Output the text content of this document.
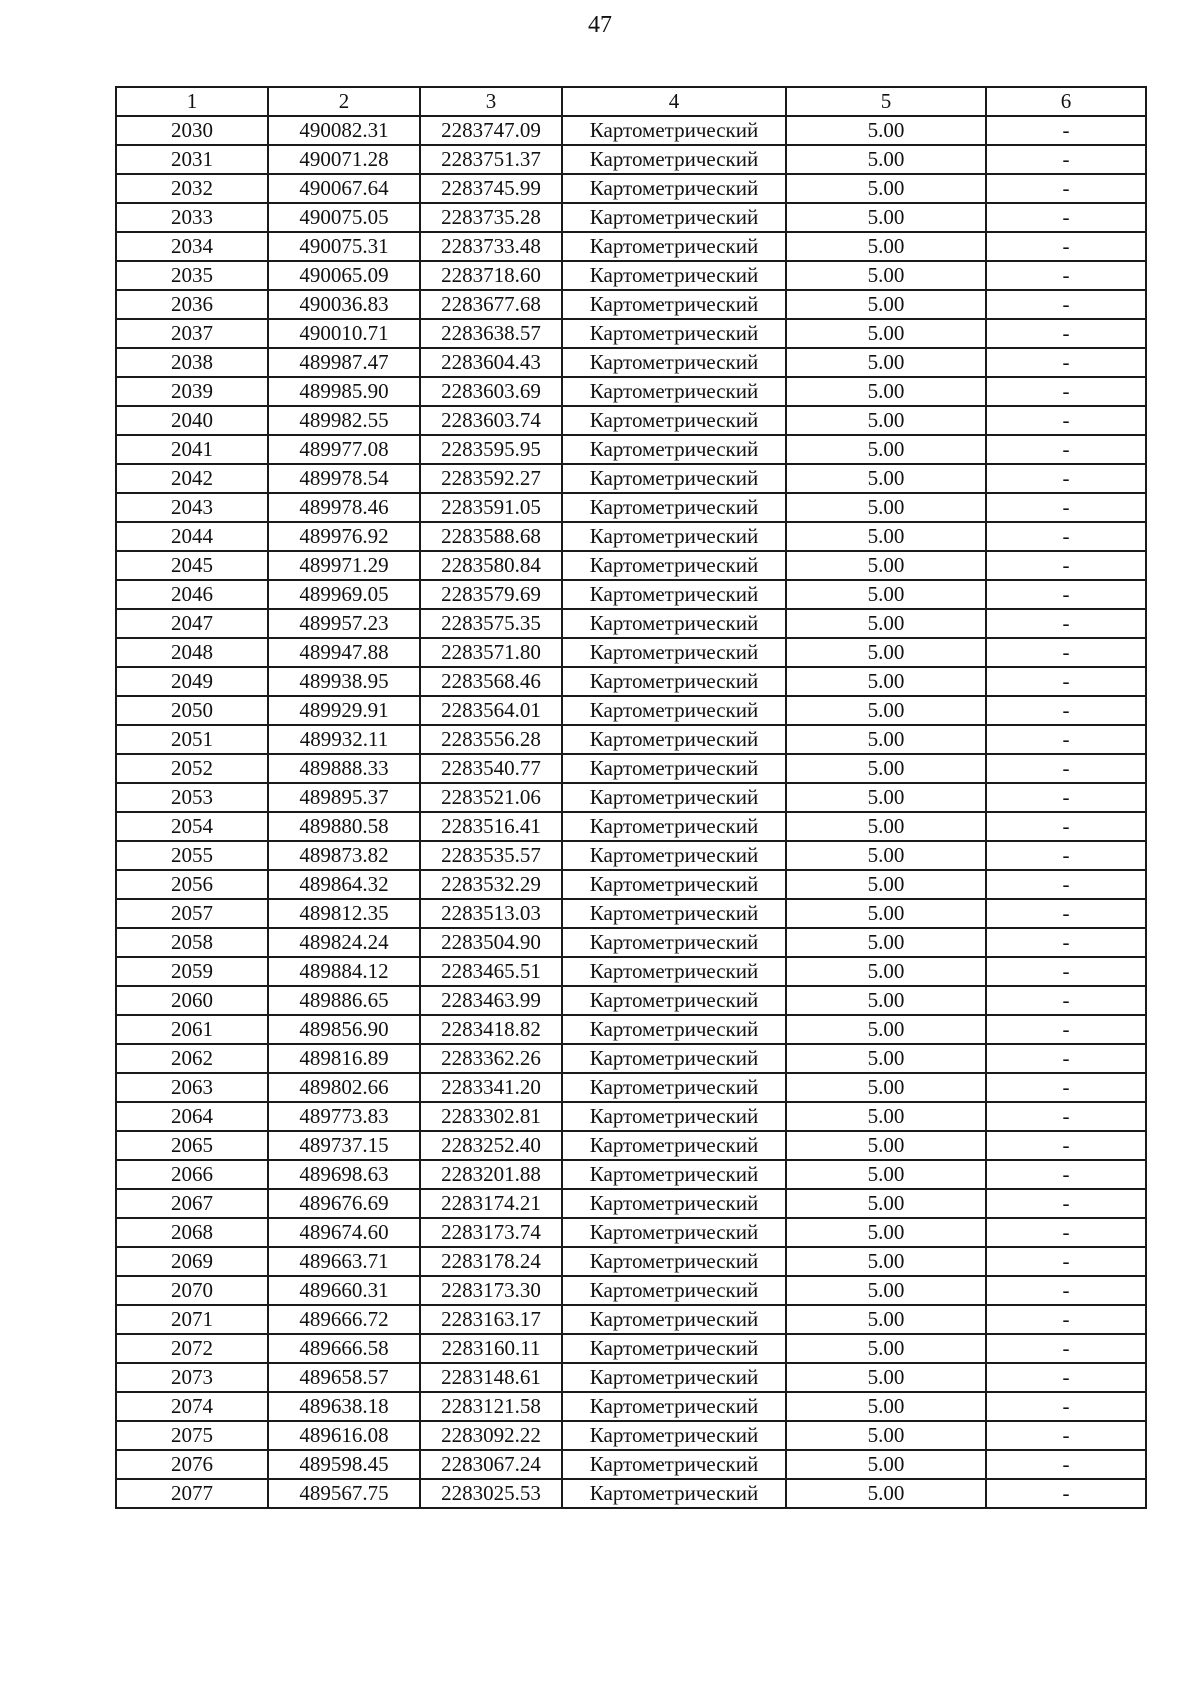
47
1	2	3	4	5	6
2030	490082.31	2283747.09	Картометрический	5.00	-
2031	490071.28	2283751.37	Картометрический	5.00	-
2032	490067.64	2283745.99	Картометрический	5.00	-
2033	490075.05	2283735.28	Картометрический	5.00	-
2034	490075.31	2283733.48	Картометрический	5.00	-
2035	490065.09	2283718.60	Картометрический	5.00	-
2036	490036.83	2283677.68	Картометрический	5.00	-
2037	490010.71	2283638.57	Картометрический	5.00	-
2038	489987.47	2283604.43	Картометрический	5.00	-
2039	489985.90	2283603.69	Картометрический	5.00	-
2040	489982.55	2283603.74	Картометрический	5.00	-
2041	489977.08	2283595.95	Картометрический	5.00	-
2042	489978.54	2283592.27	Картометрический	5.00	-
2043	489978.46	2283591.05	Картометрический	5.00	-
2044	489976.92	2283588.68	Картометрический	5.00	-
2045	489971.29	2283580.84	Картометрический	5.00	-
2046	489969.05	2283579.69	Картометрический	5.00	-
2047	489957.23	2283575.35	Картометрический	5.00	-
2048	489947.88	2283571.80	Картометрический	5.00	-
2049	489938.95	2283568.46	Картометрический	5.00	-
2050	489929.91	2283564.01	Картометрический	5.00	-
2051	489932.11	2283556.28	Картометрический	5.00	-
2052	489888.33	2283540.77	Картометрический	5.00	-
2053	489895.37	2283521.06	Картометрический	5.00	-
2054	489880.58	2283516.41	Картометрический	5.00	-
2055	489873.82	2283535.57	Картометрический	5.00	-
2056	489864.32	2283532.29	Картометрический	5.00	-
2057	489812.35	2283513.03	Картометрический	5.00	-
2058	489824.24	2283504.90	Картометрический	5.00	-
2059	489884.12	2283465.51	Картометрический	5.00	-
2060	489886.65	2283463.99	Картометрический	5.00	-
2061	489856.90	2283418.82	Картометрический	5.00	-
2062	489816.89	2283362.26	Картометрический	5.00	-
2063	489802.66	2283341.20	Картометрический	5.00	-
2064	489773.83	2283302.81	Картометрический	5.00	-
2065	489737.15	2283252.40	Картометрический	5.00	-
2066	489698.63	2283201.88	Картометрический	5.00	-
2067	489676.69	2283174.21	Картометрический	5.00	-
2068	489674.60	2283173.74	Картометрический	5.00	-
2069	489663.71	2283178.24	Картометрический	5.00	-
2070	489660.31	2283173.30	Картометрический	5.00	-
2071	489666.72	2283163.17	Картометрический	5.00	-
2072	489666.58	2283160.11	Картометрический	5.00	-
2073	489658.57	2283148.61	Картометрический	5.00	-
2074	489638.18	2283121.58	Картометрический	5.00	-
2075	489616.08	2283092.22	Картометрический	5.00	-
2076	489598.45	2283067.24	Картометрический	5.00	-
2077	489567.75	2283025.53	Картометрический	5.00	-
